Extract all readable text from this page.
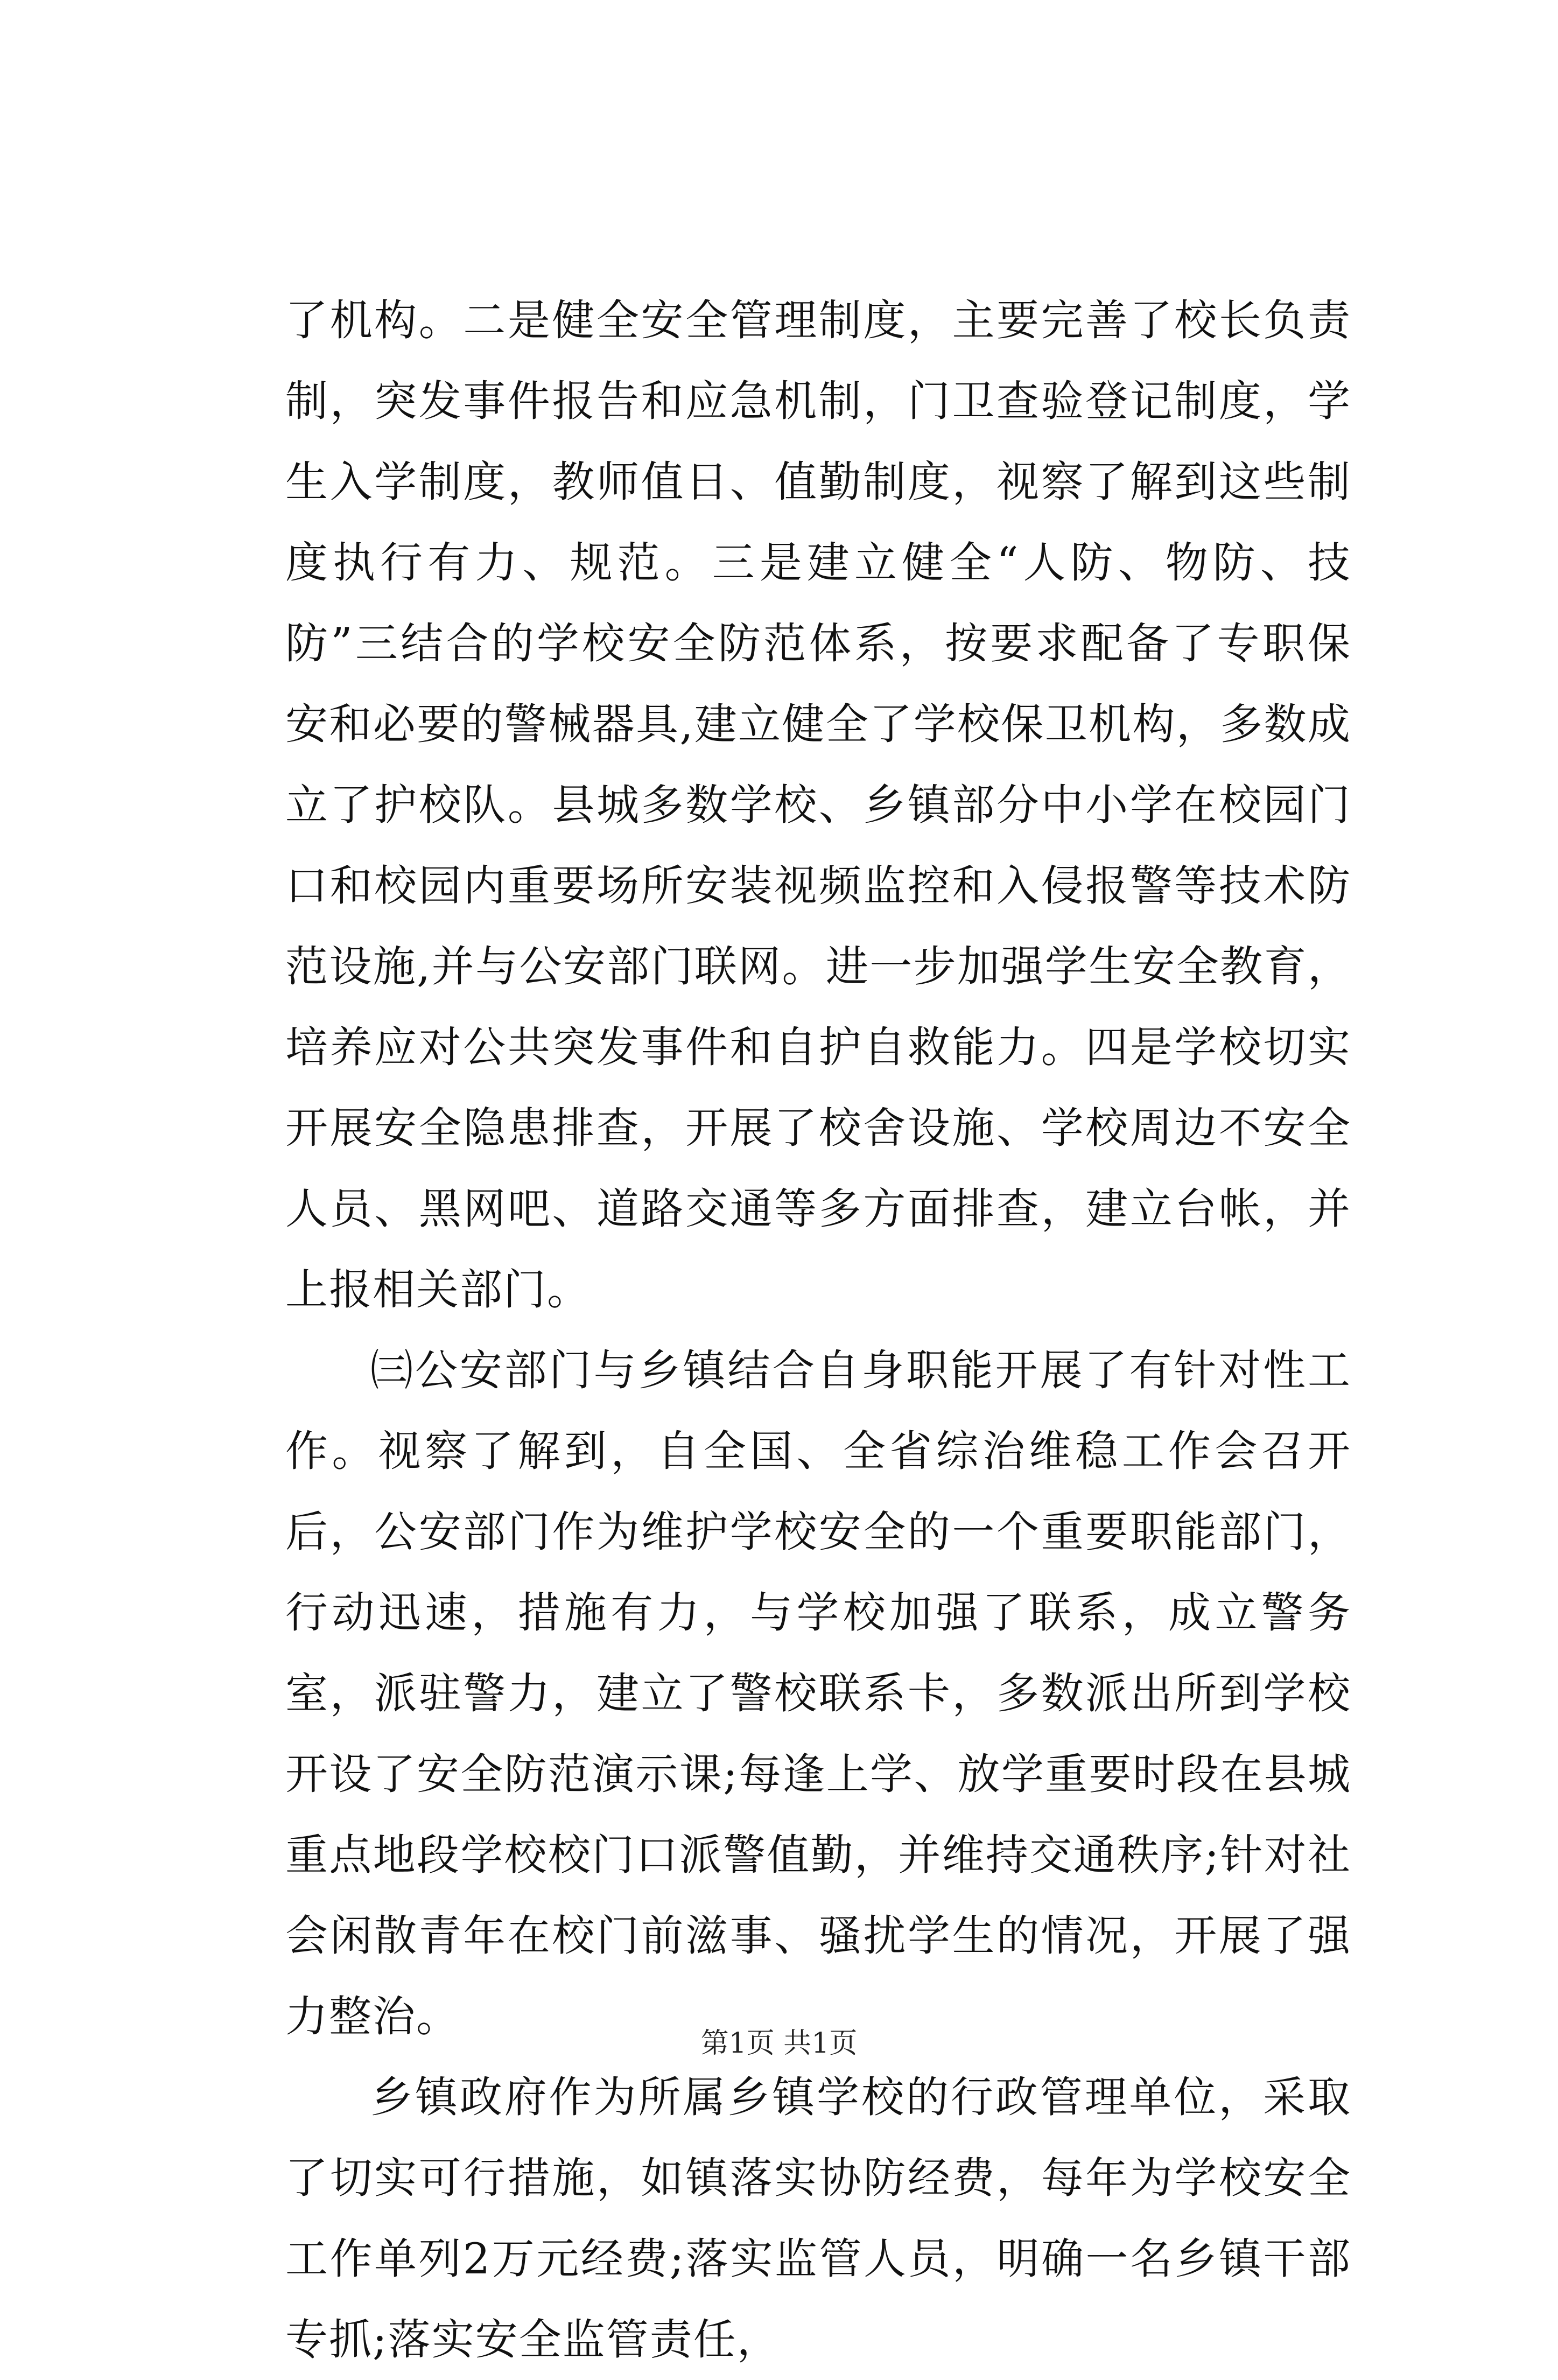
了机构。二是健全安全管理制度，主要完善了校长负责制，突发事件报告和应急机制，门卫查验登记制度，学生入学制度，教师值日、值勤制度，视察了解到这些制度执行有力、规范。三是建立健全“人防、物防、技防”三结合的学校安全防范体系，按要求配备了专职保安和必要的警械器具,建立健全了学校保卫机构，多数成立了护校队。县城多数学校、乡镇部分中小学在校园门口和校园内重要场所安装视频监控和入侵报警等技术防范设施,并与公安部门联网。进一步加强学生安全教育，培养应对公共突发事件和自护自救能力。四是学校切实开展安全隐患排查，开展了校舍设施、学校周边不安全人员、黑网吧、道路交通等多方面排查，建立台帐，并上报相关部门。

㈢公安部门与乡镇结合自身职能开展了有针对性工作。视察了解到，自全国、全省综治维稳工作会召开后，公安部门作为维护学校安全的一个重要职能部门，行动迅速，措施有力，与学校加强了联系，成立警务室，派驻警力，建立了警校联系卡，多数派出所到学校开设了安全防范演示课;每逢上学、放学重要时段在县城重点地段学校校门口派警值勤，并维持交通秩序;针对社会闲散青年在校门前滋事、骚扰学生的情况，开展了强力整治。

乡镇政府作为所属乡镇学校的行政管理单位，采取了切实可行措施，如镇落实协防经费，每年为学校安全工作单列2万元经费;落实监管人员，明确一名乡镇干部专抓;落实安全监管责任，

第1页 共1页
